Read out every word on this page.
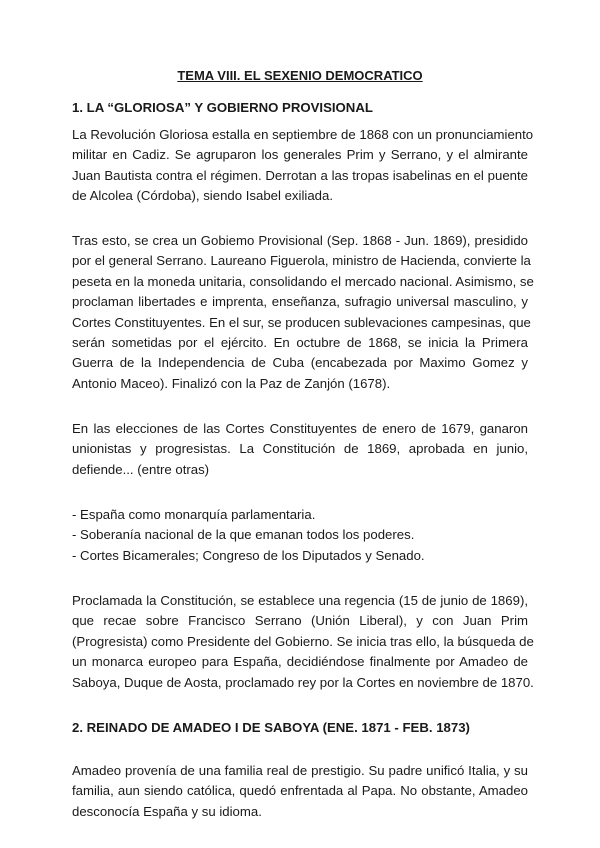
TEMA VIII. EL SEXENIO DEMOCRATICO
1. LA “GLORIOSA” Y GOBIERNO PROVISIONAL
La Revolución Gloriosa estalla en septiembre de 1868 con un pronunciamiento
militar en Cadiz. Se agruparon los generales Prim y Serrano, y el almirante
Juan Bautista contra el régimen. Derrotan a las tropas isabelinas en el puente
de Alcolea (Córdoba), siendo Isabel exiliada.
Tras esto, se crea un Gobiemo Provisional (Sep. 1868 - Jun. 1869), presidido
por el general Serrano. Laureano Figuerola, ministro de Hacienda, convierte la
peseta en la moneda unitaria, consolidando el mercado nacional. Asimismo, se
proclaman libertades e imprenta, enseñanza, sufragio universal masculino, y
Cortes Constituyentes. En el sur, se producen sublevaciones campesinas, que
serán sometidas por el ejército. En octubre de 1868, se inicia la Primera
Guerra de la Independencia de Cuba (encabezada por Maximo Gomez y
Antonio Maceo). Finalizó con la Paz de Zanjón (1678).
En las elecciones de las Cortes Constituyentes de enero de 1679, ganaron
unionistas y progresistas. La Constitución de 1869, aprobada en junio,
defiende... (entre otras)
- España como monarquía parlamentaria.
- Soberanía nacional de la que emanan todos los poderes.
- Cortes Bicamerales; Congreso de los Diputados y Senado.
Proclamada la Constitución, se establece una regencia (15 de junio de 1869),
que recae sobre Francisco Serrano (Unión Liberal), y con Juan Prim
(Progresista) como Presidente del Gobierno. Se inicia tras ello, la búsqueda de
un monarca europeo para España, decidiéndose finalmente por Amadeo de
Saboya, Duque de Aosta, proclamado rey por la Cortes en noviembre de 1870.
2. REINADO DE AMADEO I DE SABOYA (ENE. 1871 - FEB. 1873)
Amadeo provenía de una familia real de prestigio. Su padre unificó Italia, y su
familia, aun siendo católica, quedó enfrentada al Papa. No obstante, Amadeo
desconocía España y su idioma.
